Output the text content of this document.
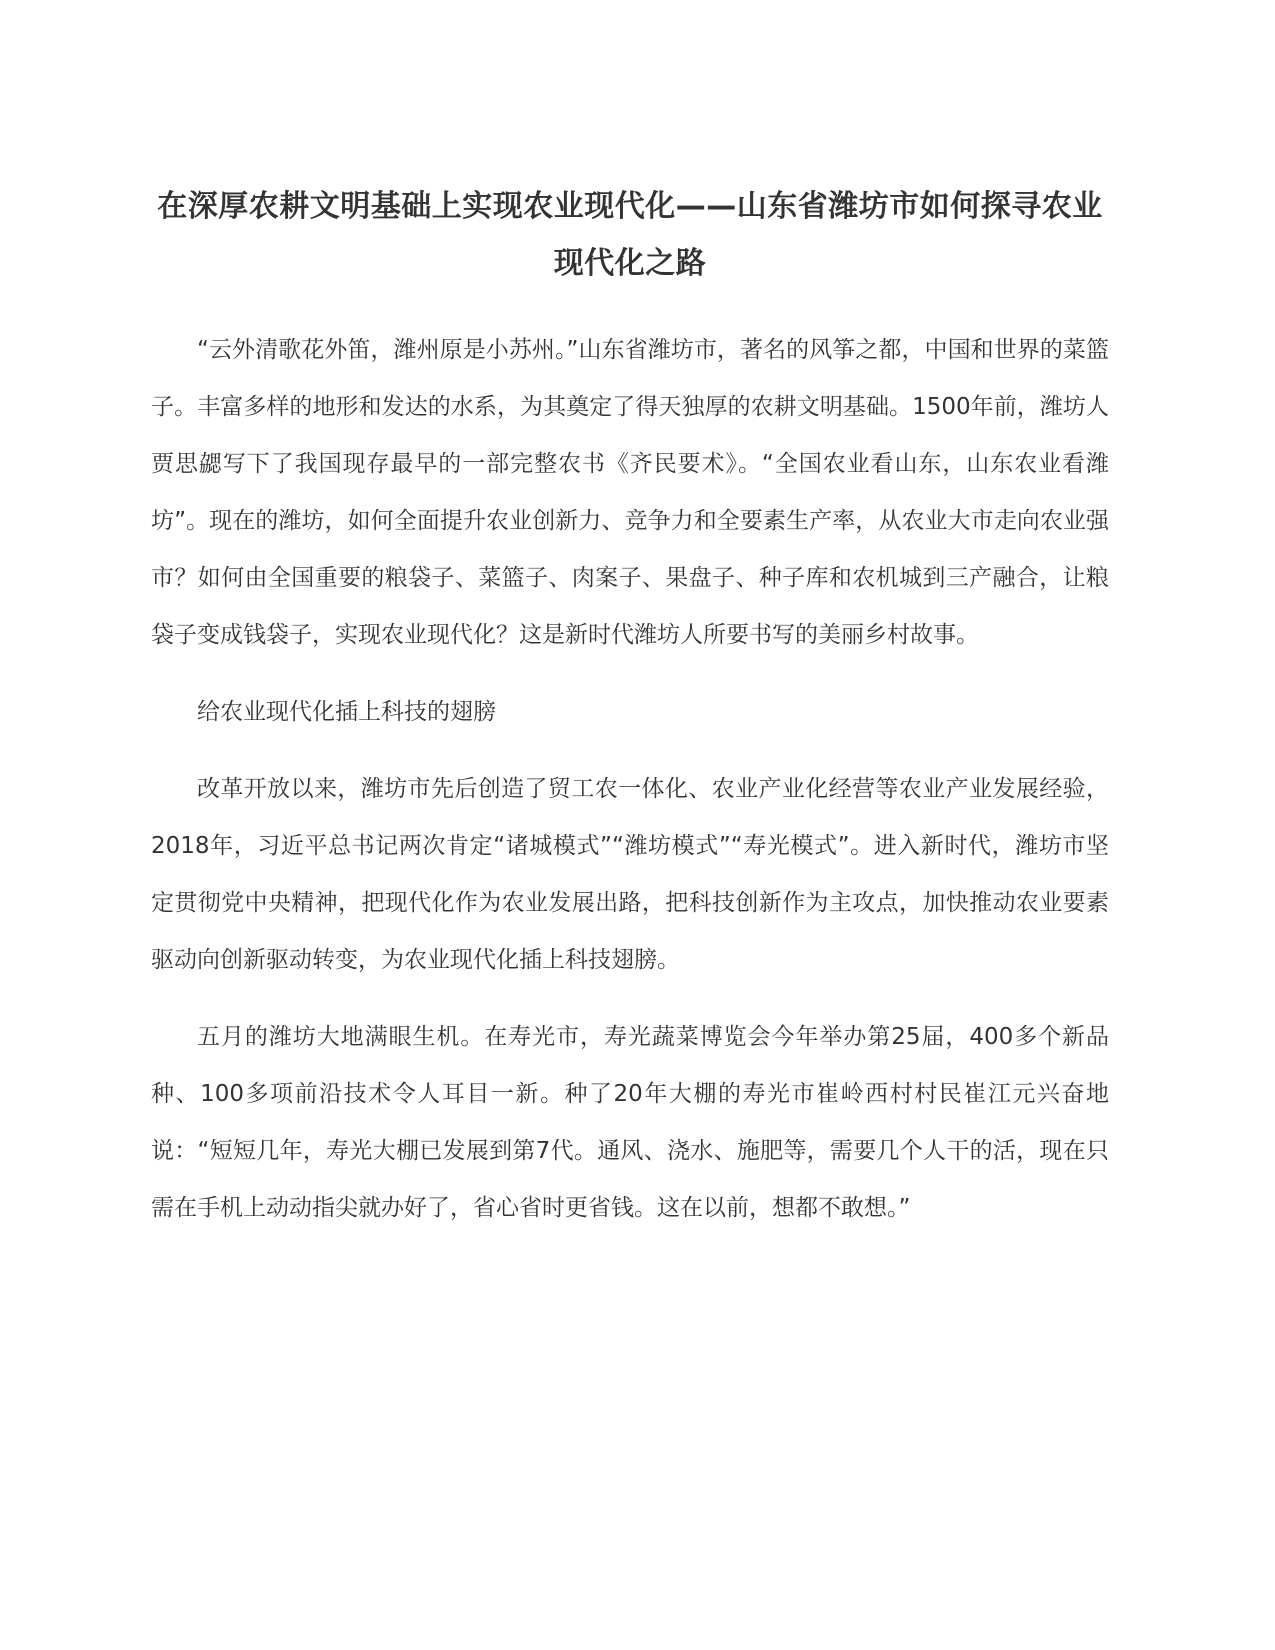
在深厚农耕文明基础上实现农业现代化——山东省潍坊市如何探寻农业现代化之路

“云外清歌花外笛，潍州原是小苏州。”山东省潍坊市，著名的风筝之都，中国和世界的菜篮子。丰富多样的地形和发达的水系，为其奠定了得天独厚的农耕文明基础。1500年前，潍坊人贾思勰写下了我国现存最早的一部完整农书《齐民要术》。“全国农业看山东，山东农业看潍坊”。现在的潍坊，如何全面提升农业创新力、竞争力和全要素生产率，从农业大市走向农业强市？如何由全国重要的粮袋子、菜篮子、肉案子、果盘子、种子库和农机城到三产融合，让粮袋子变成钱袋子，实现农业现代化？这是新时代潍坊人所要书写的美丽乡村故事。

给农业现代化插上科技的翅膀

改革开放以来，潍坊市先后创造了贸工农一体化、农业产业化经营等农业产业发展经验，2018年，习近平总书记两次肯定“诸城模式”“潍坊模式”“寿光模式”。进入新时代，潍坊市坚定贯彻党中央精神，把现代化作为农业发展出路，把科技创新作为主攻点，加快推动农业要素驱动向创新驱动转变，为农业现代化插上科技翅膀。

五月的潍坊大地满眼生机。在寿光市，寿光蔬菜博览会今年举办第25届，400多个新品种、100多项前沿技术令人耳目一新。种了20年大棚的寿光市崔岭西村村民崔江元兴奋地说：“短短几年，寿光大棚已发展到第7代。通风、浇水、施肥等，需要几个人干的活，现在只需在手机上动动指尖就办好了，省心省时更省钱。这在以前，想都不敢想。”
